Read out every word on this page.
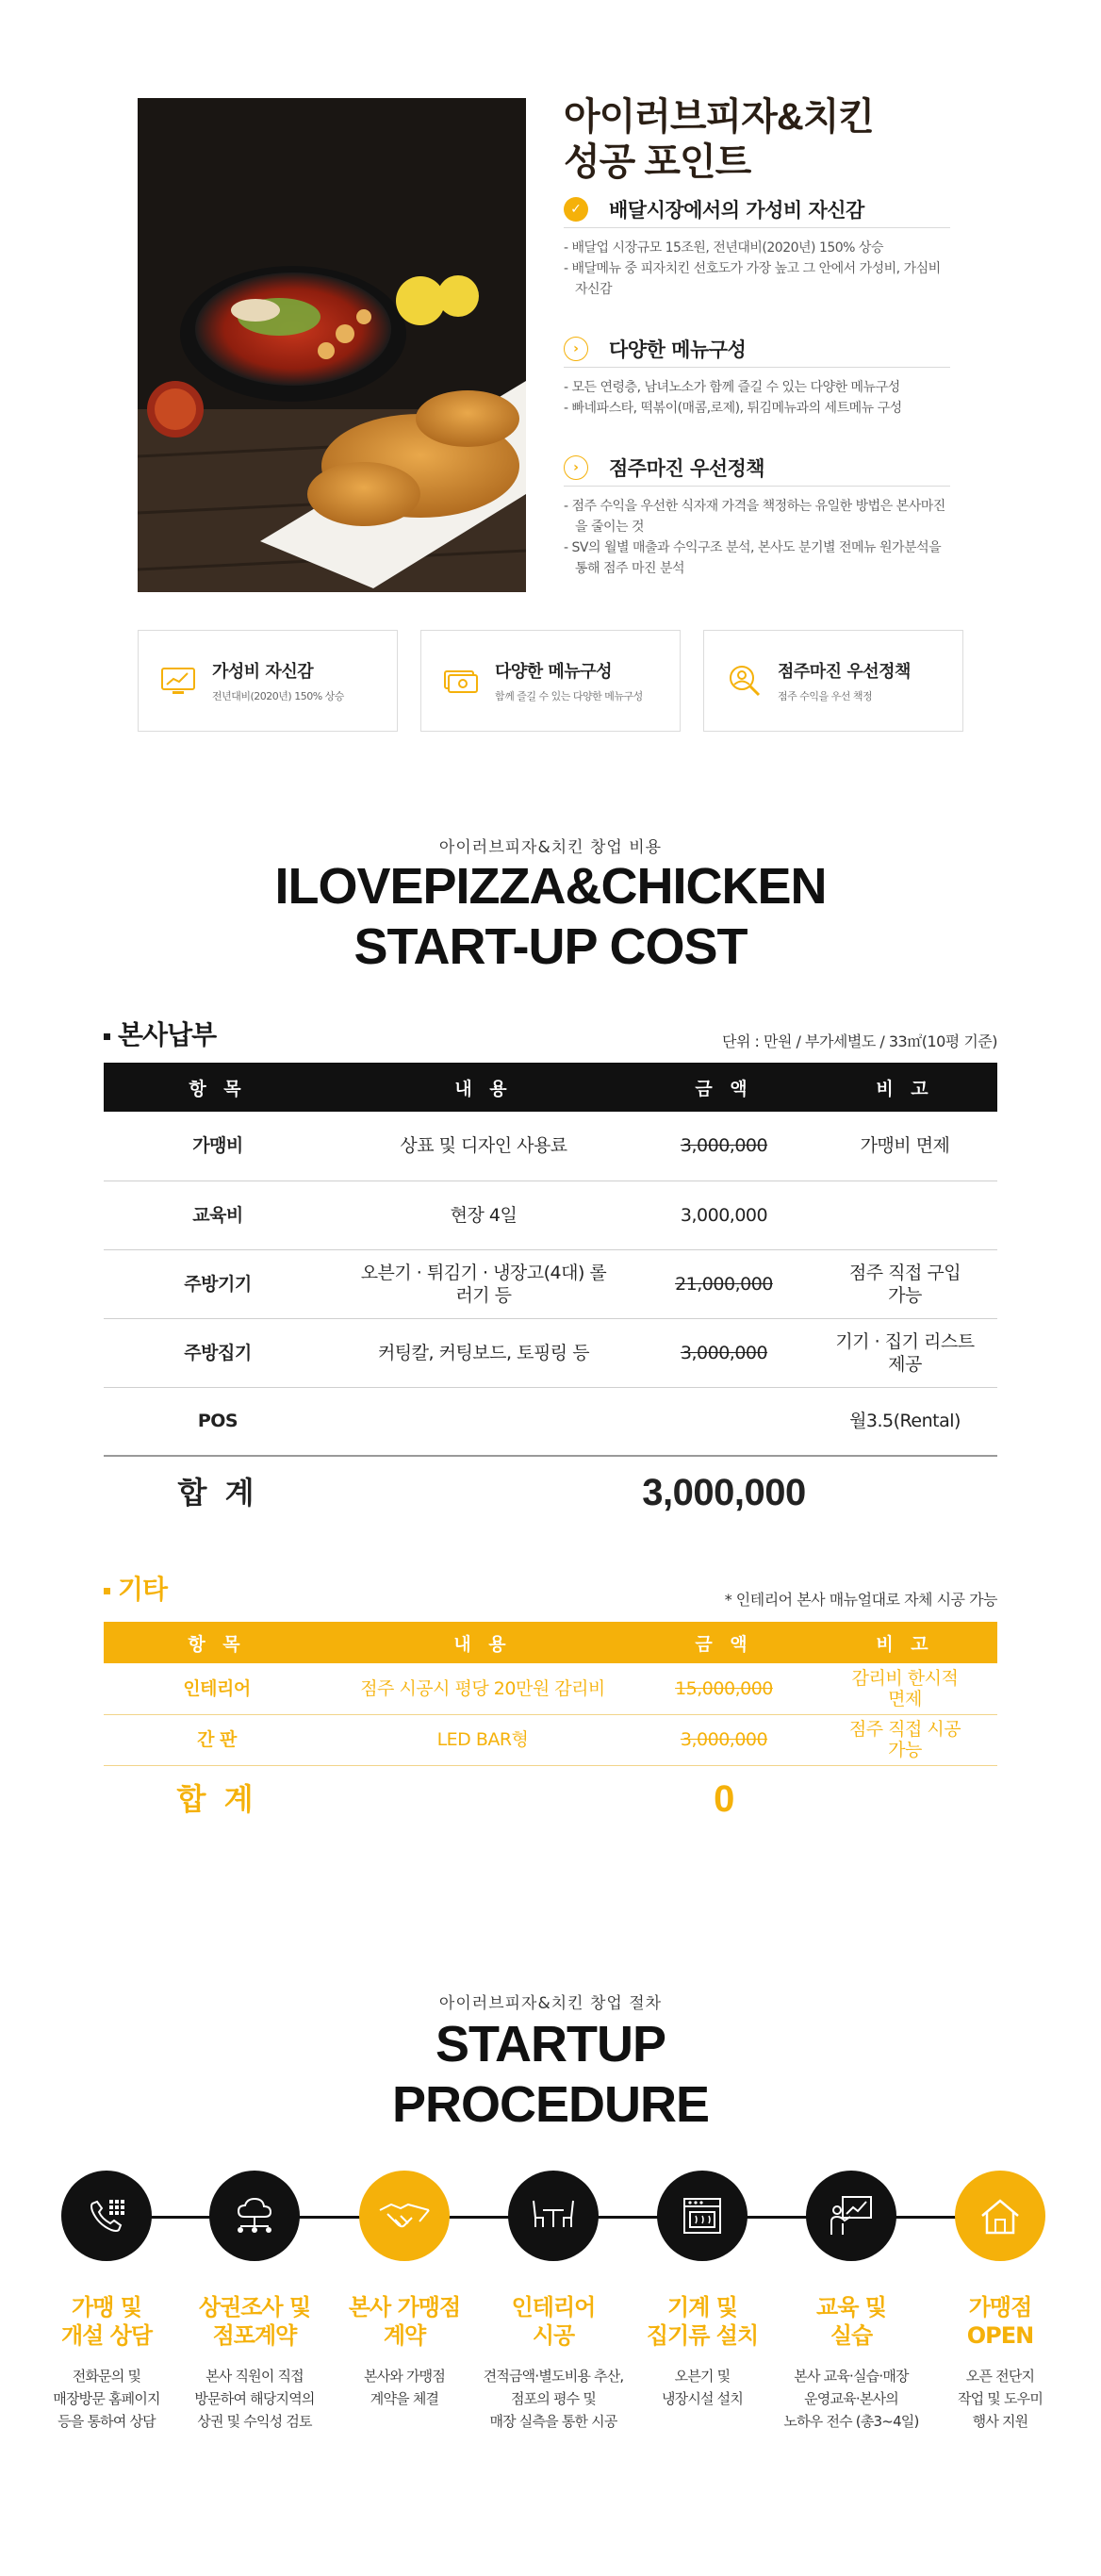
아이러브피자&치킨
성공 포인트
✓	배달시장에서의 가성비 자신감
- 배달업 시장규모 15조원, 전년대비(2020년) 150% 상승
- 배달메뉴 중 피자치킨 선호도가 가장 높고 그 안에서 가성비, 가심비 자신감
›	다양한 메뉴구성
- 모든 연령층, 남녀노소가 함께 즐길 수 있는 다양한 메뉴구성
- 빠네파스타, 떡볶이(매콤,로제), 튀김메뉴과의 세트메뉴 구성
›	점주마진 우선정책
- 점주 수익을 우선한 식자재 가격을 책정하는 유일한 방법은 본사마진을 줄이는 것
- SV의 월별 매출과 수익구조 분석, 본사도 분기별 전메뉴 원가분석을 통해 점주 마진 분석
가성비 자신감
전년대비(2020년) 150% 상승
다양한 메뉴구성
함께 즐길 수 있는 다양한 메뉴구성
점주마진 우선정책
점주 수익을 우선 책정
아이러브피자&치킨 창업 비용
ILOVEPIZZA&CHICKEN
START-UP COST
본사납부	단위 : 만원 / 부가세별도 / 33㎡(10평 기준)
항 목	내 용	금 액	비 고
가맹비	상표 및 디자인 사용료	3,000,000	가맹비 면제
교육비	현장 4일	3,000,000	
주방기기	오븐기 · 튀김기 · 냉장고(4대) 롤러기 등	21,000,000	점주 직접 구입 가능
주방집기	커팅칼, 커팅보드, 토핑링 등	3,000,000	기기 · 집기 리스트 제공
POS			월3.5(Rental)
합 계		3,000,000	
기타	* 인테리어 본사 매뉴얼대로 자체 시공 가능
항 목	내 용	금 액	비 고
인테리어	점주 시공시 평당 20만원 감리비	15,000,000	감리비 한시적 면제
간 판	LED BAR형	3,000,000	점주 직접 시공 가능
합 계		0	
아이러브피자&치킨 창업 절차
STARTUP
PROCEDURE
가맹 및
개설 상담
전화문의 및
매장방문 홈페이지
등을 통하여 상담
상권조사 및
점포계약
본사 직원이 직접
방문하여 해당지역의
상권 및 수익성 검토
본사 가맹점
계약
본사와 가맹점
계약을 체결
인테리어
시공
견적금액·별도비용 추산,
점포의 평수 및
매장 실측을 통한 시공
기계 및
집기류 설치
오븐기 및
냉장시설 설치
교육 및
실습
본사 교육·실습·매장
운영교육·본사의
노하우 전수 (총3~4일)
가맹점
OPEN
오픈 전단지
작업 및 도우미
행사 지원
